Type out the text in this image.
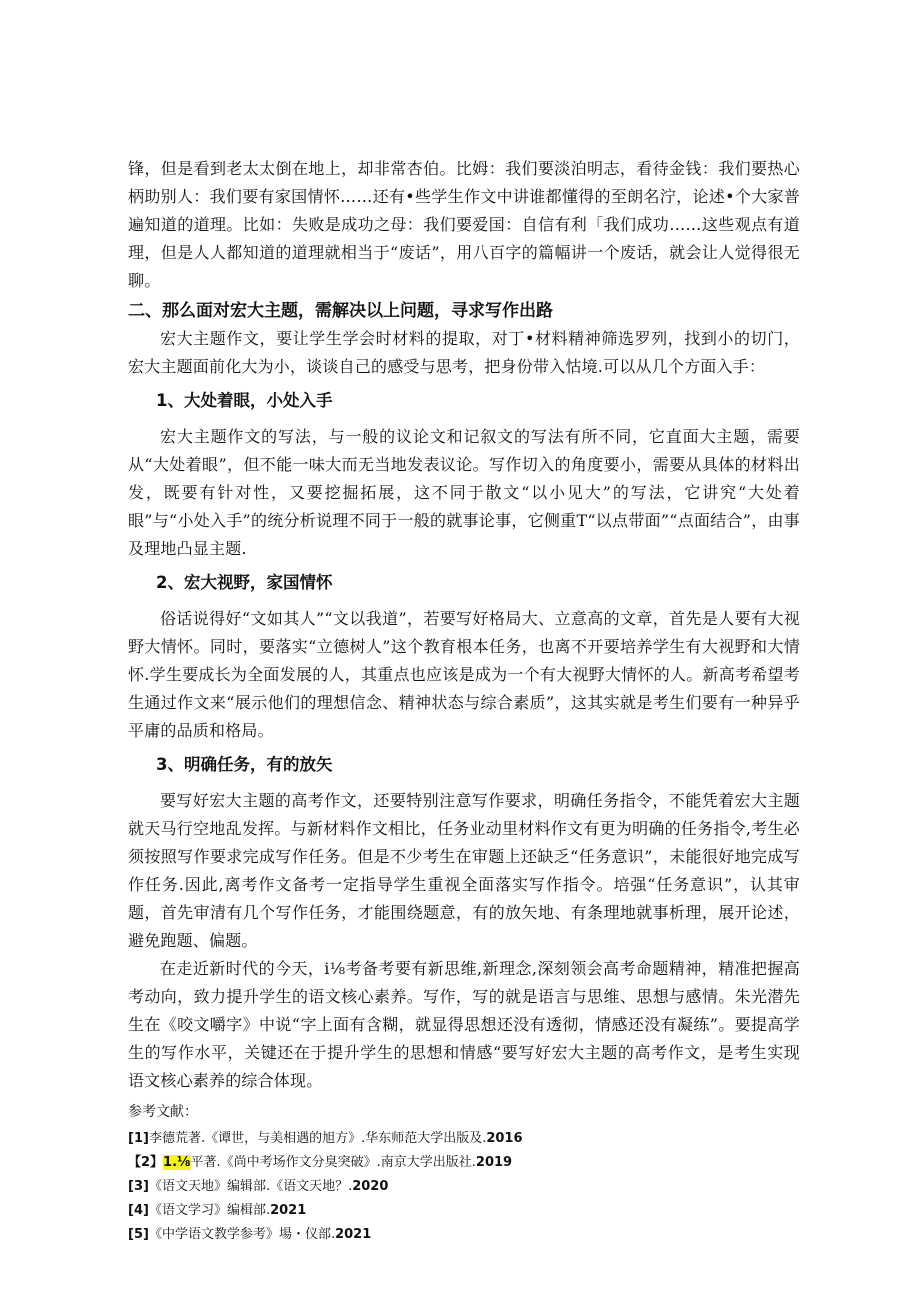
锋，但是看到老太太倒在地上，却非常杏伯。比姆：我们要淡泊明志，看待金钱：我们要热心柄助别人：我们要有家国情怀……还有•些学生作文中讲谁都懂得的至朗名泞，论述•个大家普遍知道的道理。比如：失败是成功之母：我们要爱国：自信有利「我们成功……这些观点有道理，但是人人都知道的道理就相当于“废话”，用八百字的篇幅讲一个废话，就会让人觉得很无聊。

二、那么面对宏大主题，需解决以上问题，寻求写作出路

宏大主题作文，要让学生学会时材料的提取，对丁•材料精神筛选罗列，找到小的切门，宏大主题面前化大为小，谈谈自己的感受与思考，把身份带入怙境.可以从几个方面入手：

1、大处着眼，小处入手

宏大主题作文的写法，与一般的议论文和记叙文的写法有所不同，它直面大主题，需要从“大处着眼”，但不能一味大而无当地发表议论。写作切入的角度要小，需要从具体的材料出发，既要有针对性，又要挖掘拓展，这不同于散文“以小见大”的写法，它讲究“大处着眼”与“小处入手”的统分析说理不同于一般的就事论事，它侧重T“以点带面”“点面结合”，由事及理地凸显主题.

2、宏大视野，家国情怀

俗话说得好“文如其人”“文以我道”，若要写好格局大、立意高的文章，首先是人要有大视野大情怀。同时，要落实“立德树人”这个教育根本任务，也离不开要培养学生有大视野和大情怀.学生要成长为全面发展的人，其重点也应该是成为一个有大视野大情怀的人。新高考希望考生通过作文来“展示他们的理想信念、精神状态与综合素质”，这其实就是考生们要有一种异乎平庸的品质和格局。

3、明确任务，有的放矢

要写好宏大主题的高考作文，还要特别注意写作要求，明确任务指令，不能凭着宏大主题就天马行空地乱发挥。与新材料作文相比，任务业动里材料作文有更为明确的任务指令,考生必须按照写作要求完成写作任务。但是不少考生在审题上还缺乏“任务意识”，未能很好地完成写作任务.因此,离考作文备考一定指导学生重视全面落实写作指令。培强“任务意识”，认其审题，首先审清有几个写作任务，才能围绕题意，有的放矢地、有条理地就事析理，展开论述，避免跑题、偏题。

在走近新时代的今天，i⅛考备考要有新思维,新理念,深刻领会高考命题精神，精准把握高考动向，致力提升学生的语文核心素养。写作，写的就是语言与思维、思想与感情。朱光潜先生在《咬文嚼字》中说“字上面有含糊，就显得思想还没有透彻，情感还没有凝练”。要提高学生的写作水平，关键还在于提升学生的思想和情感“要写好宏大主题的高考作文，是考生实现语文核心素养的综合体现。

参考文献：

[1]李德荒著.《谭世，与美相遇的旭方》.华东师范大学出版及.2016
【2】1.⅛平著.《尚中考场作文分臭突破》.南京大学出版社.2019
[3]《语文天地》编辑部.《语文天地？.2020
[4]《语文学习》编楫部.2021
[5]《中学语文教学参考》場・仪部.2021
